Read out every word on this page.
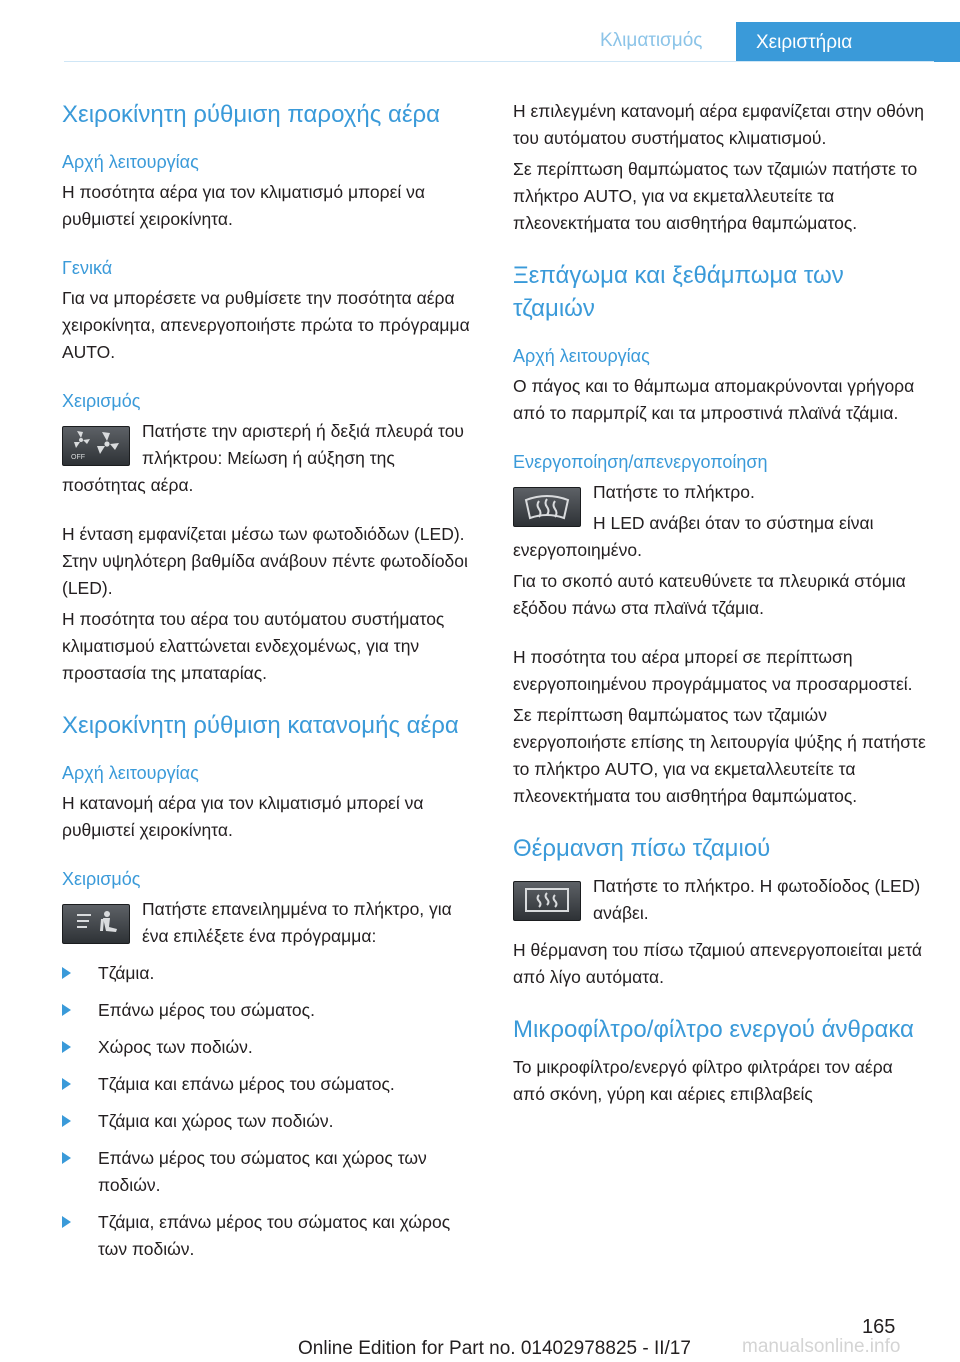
Κλιματισμός	Χειριστήρια
Χειροκίνητη ρύθμιση παροχής αέρα
Αρχή λειτουργίας

Η ποσότητα αέρα για τον κλιματισμό μπορεί να ρυθμιστεί χειροκίνητα.

Γενικά

Για να μπορέσετε να ρυθμίσετε την ποσότητα αέρα χειροκίνητα, απενεργοποιήστε πρώτα το πρόγραμμα AUTO.

Χειρισμός
OFF
Πατήστε την αριστερή ή δεξιά πλευρά του πλήκτρου: Μείωση ή αύξηση της ποσότητας αέρα.

Η ένταση εμφανίζεται μέσω των φωτοδιόδων (LED). Στην υψηλότερη βαθμίδα ανάβουν πέντε φωτοδίοδοι (LED).

Η ποσότητα του αέρα του αυτόματου συστήματος κλιματισμού ελαττώνεται ενδεχομένως, για την προστασία της μπαταρίας.

Χειροκίνητη ρύθμιση κατανομής αέρα
Αρχή λειτουργίας

Η κατανομή αέρα για τον κλιματισμό μπορεί να ρυθμιστεί χειροκίνητα.

Χειρισμός
Πατήστε επανειλημμένα το πλήκτρο, για ένα επιλέξετε ένα πρόγραμμα:
Τζάμια.
Επάνω μέρος του σώματος.
Χώρος των ποδιών.
Τζάμια και επάνω μέρος του σώματος.
Τζάμια και χώρος των ποδιών.
Επάνω μέρος του σώματος και χώρος των ποδιών.
Τζάμια, επάνω μέρος του σώματος και χώρος των ποδιών.

Η επιλεγμένη κατανομή αέρα εμφανίζεται στην οθόνη του αυτόματου συστήματος κλιματισμού.

Σε περίπτωση θαμπώματος των τζαμιών πατήστε το πλήκτρο AUTO, για να εκμεταλλευτείτε τα πλεονεκτήματα του αισθητήρα θαμπώματος.

Ξεπάγωμα και ξεθάμπωμα των τζαμιών
Αρχή λειτουργίας

Ο πάγος και το θάμπωμα απομακρύνονται γρήγορα από το παρμπρίζ και τα μπροστινά πλαϊνά τζάμια.

Ενεργοποίηση/απενεργοποίηση
Πατήστε το πλήκτρο.
Η LED ανάβει όταν το σύστημα είναι ενεργοποιημένο.

Για το σκοπό αυτό κατευθύνετε τα πλευρικά στόμια εξόδου πάνω στα πλαϊνά τζάμια.

Η ποσότητα του αέρα μπορεί σε περίπτωση ενεργοποιημένου προγράμματος να προσαρμοστεί.

Σε περίπτωση θαμπώματος των τζαμιών ενεργοποιήστε επίσης τη λειτουργία ψύξης ή πατήστε το πλήκτρο AUTO, για να εκμεταλλευτείτε τα πλεονεκτήματα του αισθητήρα θαμπώματος.

Θέρμανση πίσω τζαμιού
Πατήστε το πλήκτρο. Η φωτοδίοδος (LED) ανάβει.

Η θέρμανση του πίσω τζαμιού απενεργοποιείται μετά από λίγο αυτόματα.

Μικροφίλτρο/φίλτρο ενεργού άνθρακα

Το μικροφίλτρο/ενεργό φίλτρο φιλτράρει τον αέρα από σκόνη, γύρη και αέριες επιβλαβείς

165
Online Edition for Part no. 01402978825 - II/17	manualsonline.info
